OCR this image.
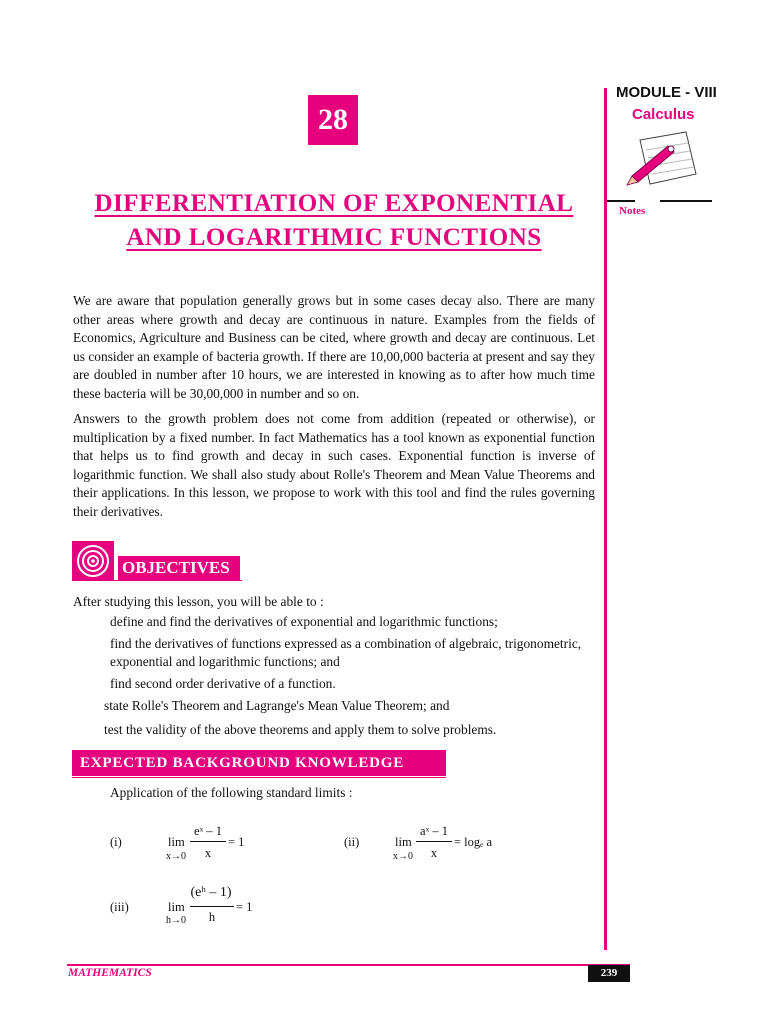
28
DIFFERENTIATION OF EXPONENTIAL
AND LOGARITHMIC FUNCTIONS
MODULE - VIII
Calculus
Notes
We are aware that population generally grows but in some cases decay also. There are many other areas where growth and decay are continuous in nature. Examples from the fields of Economics, Agriculture and Business can be cited, where growth and decay are continuous. Let us consider an example of bacteria growth. If there are 10,00,000 bacteria at present and say they are doubled in number after 10 hours, we are interested in knowing as to after how much time these bacteria will be 30,00,000 in number and so on.
Answers to the growth problem does not come from addition (repeated or otherwise), or multiplication by a fixed number. In fact Mathematics has a tool known as exponential function that helps us to find growth and decay in such cases. Exponential function is inverse of logarithmic function. We shall also study about Rolle's Theorem and Mean Value Theorems and their applications. In this lesson, we propose to work with this tool and find the rules governing their derivatives.
OBJECTIVES
After studying this lesson, you will be able to :
define and find the derivatives of exponential and logarithmic functions;
find the derivatives of functions expressed as a combination of algebraic, trigonometric,
exponential and logarithmic functions; and
find second order derivative of a function.
state Rolle's Theorem and Lagrange's Mean Value Theorem; and
test the validity of the above theorems and apply them to solve problems.
EXPECTED BACKGROUND KNOWLEDGE
Application of the following standard limits :
(i)	lim
x→0
eˣ – 1
x
= 1	(ii)	lim
x→0
aˣ – 1
x
= logₑ a
(iii)	lim
h→0
(eʰ – 1)
h
= 1
MATHEMATICS	239
